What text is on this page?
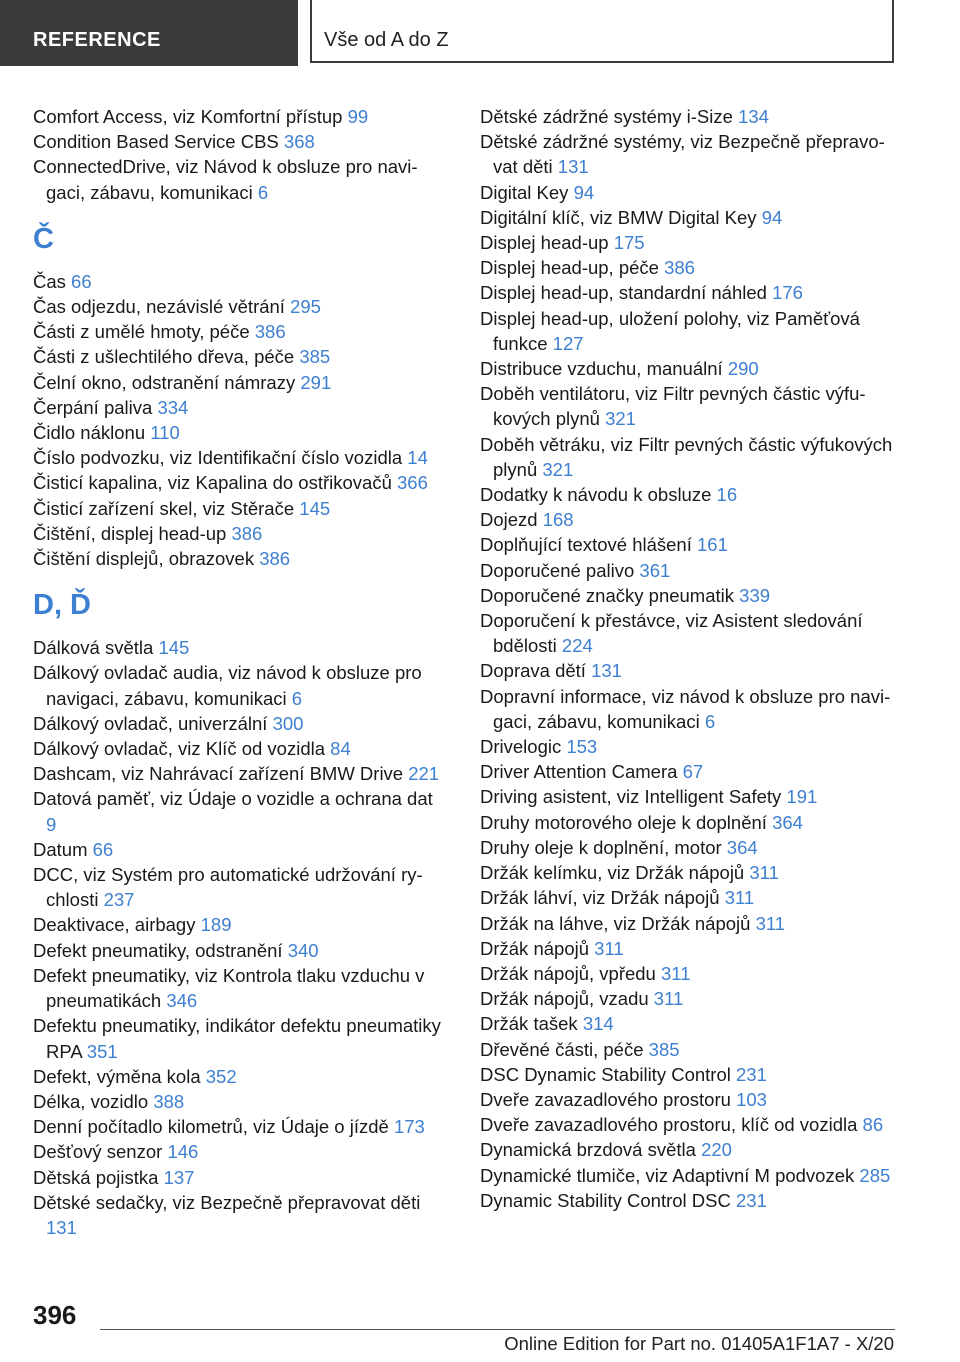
REFERENCE	Vše od A do Z
Comfort Access, viz Komfortní přístup 99
Condition Based Service CBS 368
ConnectedDrive, viz Návod k obsluze pro navigaci, zábavu, komunikaci 6
Č
Čas 66
Čas odjezdu, nezávislé větrání 295
Části z umělé hmoty, péče 386
Části z ušlechtilého dřeva, péče 385
Čelní okno, odstranění námrazy 291
Čerpání paliva 334
Čidlo náklonu 110
Číslo podvozku, viz Identifikační číslo vozidla 14
Čisticí kapalina, viz Kapalina do ostřikovačů 366
Čisticí zařízení skel, viz Stěrače 145
Čištění, displej head-up 386
Čištění displejů, obrazovek 386
D, Ď
Dálková světla 145
Dálkový ovladač audia, viz návod k obsluze pro navigaci, zábavu, komunikaci 6
Dálkový ovladač, univerzální 300
Dálkový ovladač, viz Klíč od vozidla 84
Dashcam, viz Nahrávací zařízení BMW Drive 221
Datová paměť, viz Údaje o vozidle a ochrana dat 9
Datum 66
DCC, viz Systém pro automatické udržování rychlosti 237
Deaktivace, airbagy 189
Defekt pneumatiky, odstranění 340
Defekt pneumatiky, viz Kontrola tlaku vzduchu v pneumatikách 346
Defektu pneumatiky, indikátor defektu pneumatiky RPA 351
Defekt, výměna kola 352
Délka, vozidlo 388
Denní počítadlo kilometrů, viz Údaje o jízdě 173
Dešťový senzor 146
Dětská pojistka 137
Dětské sedačky, viz Bezpečně přepravovat děti 131
Dětské zádržné systémy i-Size 134
Dětské zádržné systémy, viz Bezpečně přepravovat děti 131
Digital Key 94
Digitální klíč, viz BMW Digital Key 94
Displej head-up 175
Displej head-up, péče 386
Displej head-up, standardní náhled 176
Displej head-up, uložení polohy, viz Paměťová funkce 127
Distribuce vzduchu, manuální 290
Doběh ventilátoru, viz Filtr pevných částic výfukových plynů 321
Doběh větráku, viz Filtr pevných částic výfukových plynů 321
Dodatky k návodu k obsluze 16
Dojezd 168
Doplňující textové hlášení 161
Doporučené palivo 361
Doporučené značky pneumatik 339
Doporučení k přestávce, viz Asistent sledování bdělosti 224
Doprava dětí 131
Dopravní informace, viz návod k obsluze pro navigaci, zábavu, komunikaci 6
Drivelogic 153
Driver Attention Camera 67
Driving asistent, viz Intelligent Safety 191
Druhy motorového oleje k doplnění 364
Druhy oleje k doplnění, motor 364
Držák kelímku, viz Držák nápojů 311
Držák láhví, viz Držák nápojů 311
Držák na láhve, viz Držák nápojů 311
Držák nápojů 311
Držák nápojů, vpředu 311
Držák nápojů, vzadu 311
Držák tašek 314
Dřevěné části, péče 385
DSC Dynamic Stability Control 231
Dveře zavazadlového prostoru 103
Dveře zavazadlového prostoru, klíč od vozidla 86
Dynamická brzdová světla 220
Dynamické tlumiče, viz Adaptivní M podvozek 285
Dynamic Stability Control DSC 231
396
Online Edition for Part no. 01405A1F1A7 - X/20
